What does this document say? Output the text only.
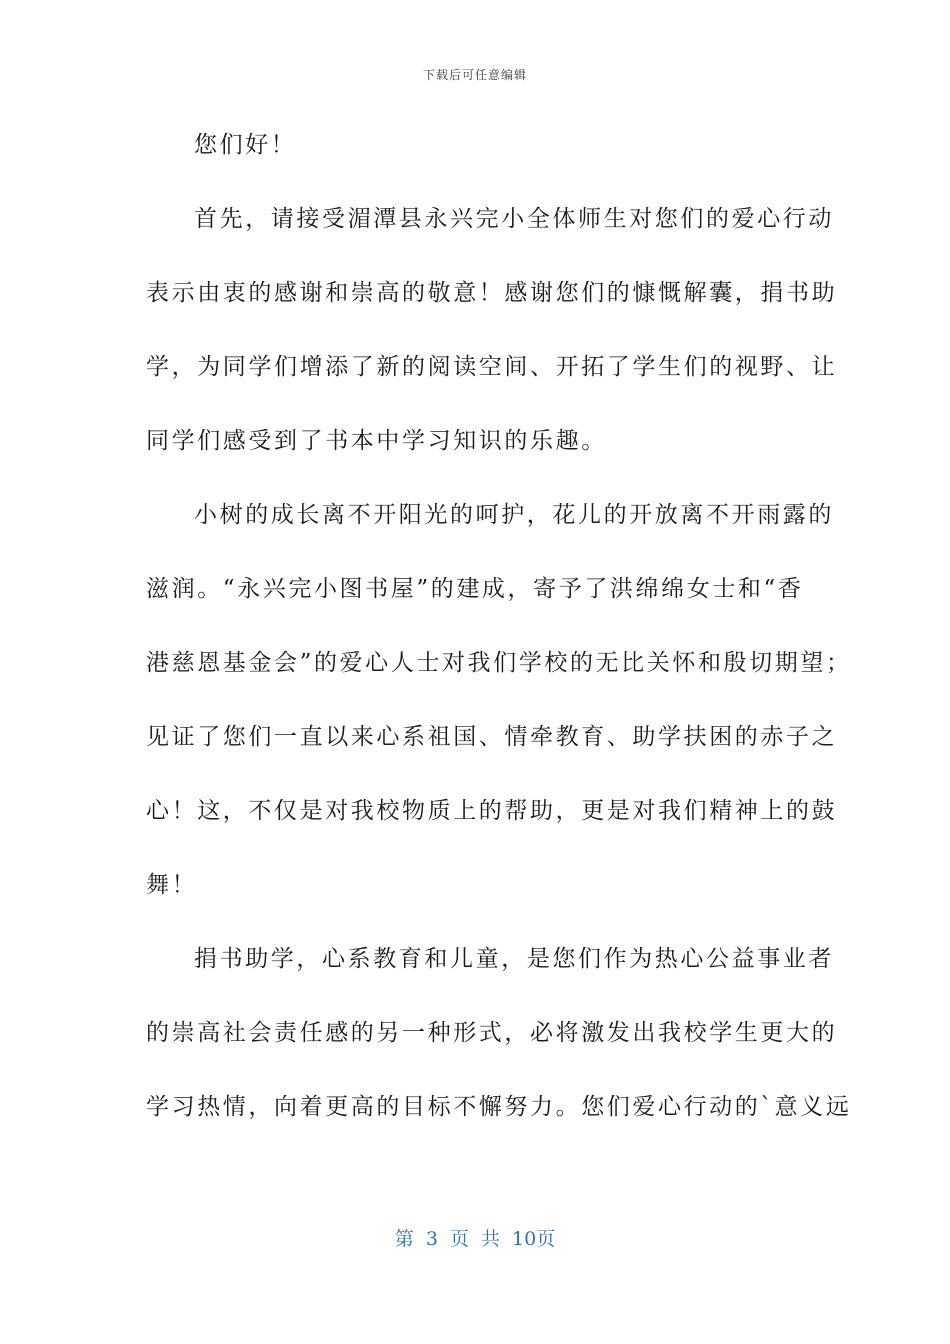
下载后可任意编辑
您们好！
首先，请接受湄潭县永兴完小全体师生对您们的爱心行动
表示由衷的感谢和崇高的敬意！感谢您们的慷慨解囊，捐书助
学，为同学们增添了新的阅读空间、开拓了学生们的视野、让
同学们感受到了书本中学习知识的乐趣。
小树的成长离不开阳光的呵护，花儿的开放离不开雨露的
滋润。“永兴完小图书屋”的建成，寄予了洪绵绵女士和“香
港慈恩基金会”的爱心人士对我们学校的无比关怀和殷切期望；
见证了您们一直以来心系祖国、情牵教育、助学扶困的赤子之
心！这，不仅是对我校物质上的帮助，更是对我们精神上的鼓
舞！
捐书助学，心系教育和儿童，是您们作为热心公益事业者
的崇高社会责任感的另一种形式，必将激发出我校学生更大的
学习热情，向着更高的目标不懈努力。您们爱心行动的`意义远
第 3 页 共 10页
